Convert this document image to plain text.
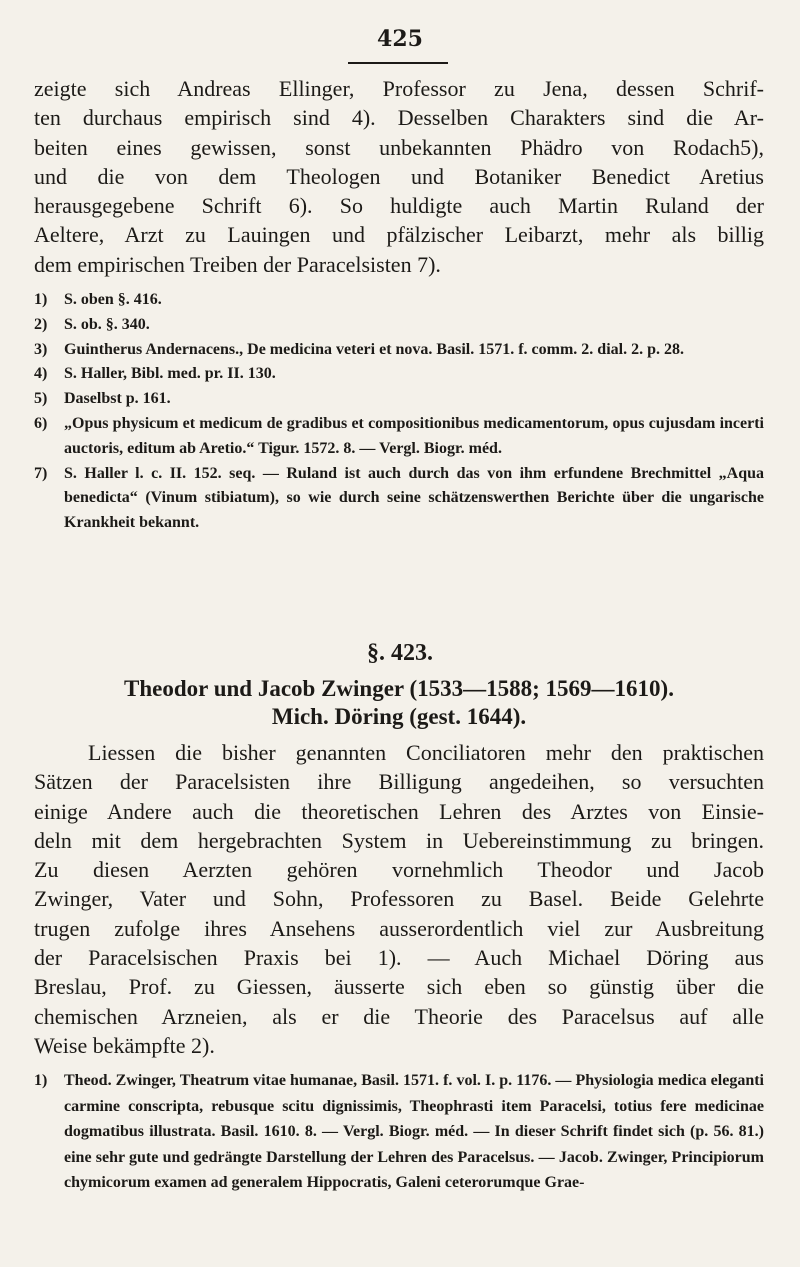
425
zeigte sich Andreas Ellinger, Professor zu Jena, dessen Schrif-
ten durchaus empirisch sind 4). Desselben Charakters sind die Ar-
beiten eines gewissen, sonst unbekannten Phädro von Rodach5),
und die von dem Theologen und Botaniker Benedict Aretius
herausgegebene Schrift 6). So huldigte auch Martin Ruland der
Aeltere, Arzt zu Lauingen und pfälzischer Leibarzt, mehr als billig
dem empirischen Treiben der Paracelsisten 7).
1) S. oben §. 416.
2) S. ob. §. 340.
3) Guintherus Andernacens., De medicina veteri et nova. Basil. 1571. f. comm. 2. dial. 2. p. 28.
4) S. Haller, Bibl. med. pr. II. 130.
5) Daselbst p. 161.
6) „Opus physicum et medicum de gradibus et compositionibus medicamentorum, opus cujusdam incerti auctoris, editum ab Aretio.“ Tigur. 1572. 8. — Vergl. Biogr. méd.
7) S. Haller l. c. II. 152. seq. — Ruland ist auch durch das von ihm erfundene Brechmittel „Aqua benedicta“ (Vinum stibiatum), so wie durch seine schätzenswerthen Berichte über die ungarische Krankheit bekannt.
§. 423.
Theodor und Jacob Zwinger (1533—1588; 1569—1610).
Mich. Döring (gest. 1644).
Liessen die bisher genannten Conciliatoren mehr den praktischen
Sätzen der Paracelsisten ihre Billigung angedeihen, so versuchten
einige Andere auch die theoretischen Lehren des Arztes von Einsie-
deln mit dem hergebrachten System in Uebereinstimmung zu bringen.
Zu diesen Aerzten gehören vornehmlich Theodor und Jacob
Zwinger, Vater und Sohn, Professoren zu Basel. Beide Gelehrte
trugen zufolge ihres Ansehens ausserordentlich viel zur Ausbreitung
der Paracelsischen Praxis bei 1). — Auch Michael Döring aus
Breslau, Prof. zu Giessen, äusserte sich eben so günstig über die
chemischen Arzneien, als er die Theorie des Paracelsus auf alle
Weise bekämpfte 2).
1) Theod. Zwinger, Theatrum vitae humanae, Basil. 1571. f. vol. I. p. 1176. — Physiologia medica eleganti carmine conscripta, rebusque scitu dignissimis, Theophrasti item Paracelsi, totius fere medicinae dogmatibus illustrata. Basil. 1610. 8. — Vergl. Biogr. méd. — In dieser Schrift findet sich (p. 56. 81.) eine sehr gute und gedrängte Darstellung der Lehren des Paracelsus. — Jacob. Zwinger, Principiorum chymicorum examen ad generalem Hippocratis, Galeni ceterorumque Grae-
